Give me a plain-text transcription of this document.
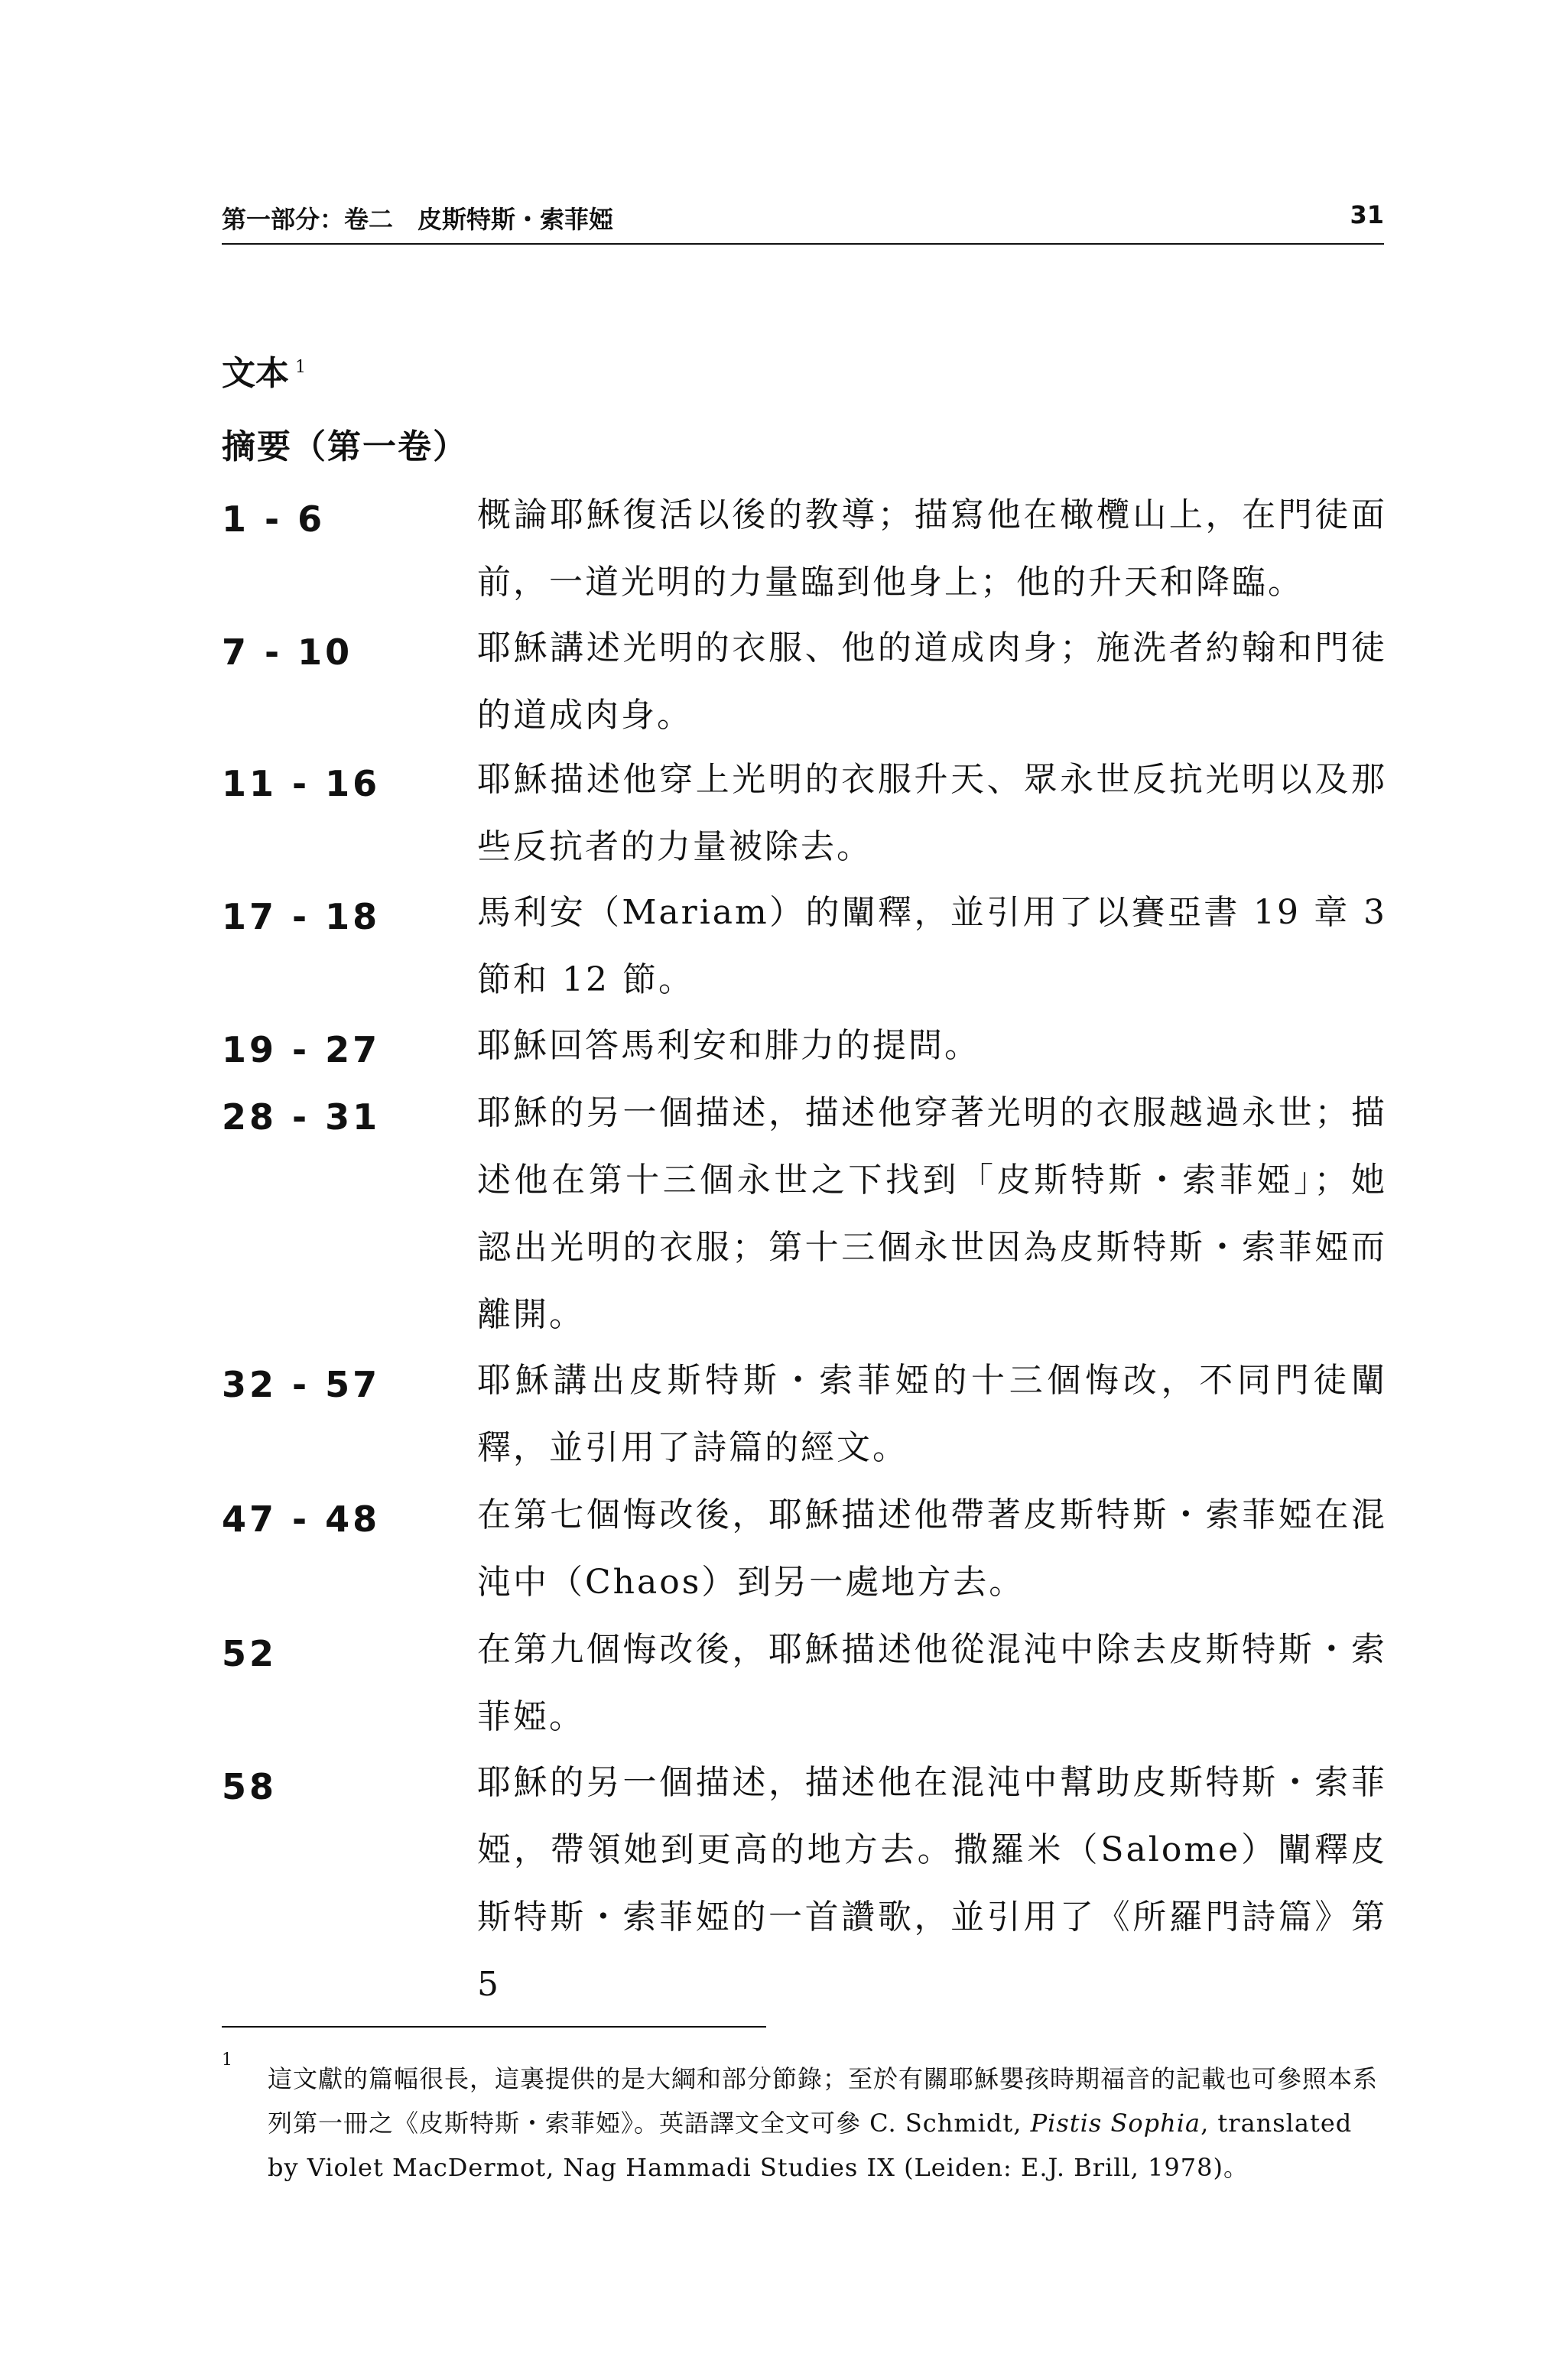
第一部分：卷二　皮斯特斯・索菲婭	31
文本 $^1$
摘要（第一卷）
1 - 6	概論耶穌復活以後的教導；描寫他在橄欖山上，在門徒面前，一道光明的力量臨到他身上；他的升天和降臨。

7 - 10	耶穌講述光明的衣服、他的道成肉身；施洗者約翰和門徒的道成肉身。

11 - 16	耶穌描述他穿上光明的衣服升天、眾永世反抗光明以及那些反抗者的力量被除去。

17 - 18	馬利安（Mariam）的闡釋，並引用了以賽亞書 19 章 3 節和 12 節。

19 - 27	耶穌回答馬利安和腓力的提問。

28 - 31	耶穌的另一個描述，描述他穿著光明的衣服越過永世；描述他在第十三個永世之下找到「皮斯特斯・索菲婭」；她認出光明的衣服；第十三個永世因為皮斯特斯・索菲婭而離開。

32 - 57	耶穌講出皮斯特斯・索菲婭的十三個悔改，不同門徒闡釋，並引用了詩篇的經文。

47 - 48	在第七個悔改後，耶穌描述他帶著皮斯特斯・索菲婭在混沌中（Chaos）到另一處地方去。

52	在第九個悔改後，耶穌描述他從混沌中除去皮斯特斯・索菲婭。

58	耶穌的另一個描述，描述他在混沌中幫助皮斯特斯・索菲婭，帶領她到更高的地方去。撒羅米（Salome）闡釋皮斯特斯・索菲婭的一首讚歌，並引用了《所羅門詩篇》第 5

1

這文獻的篇幅很長，這裏提供的是大綱和部分節錄；至於有關耶穌嬰孩時期福音的記載也可參照本系列第一冊之《皮斯特斯・索菲婭》。英語譯文全文可參 C. Schmidt, Pistis Sophia, translated by Violet MacDermot, Nag Hammadi Studies IX (Leiden: E.J. Brill, 1978)。
